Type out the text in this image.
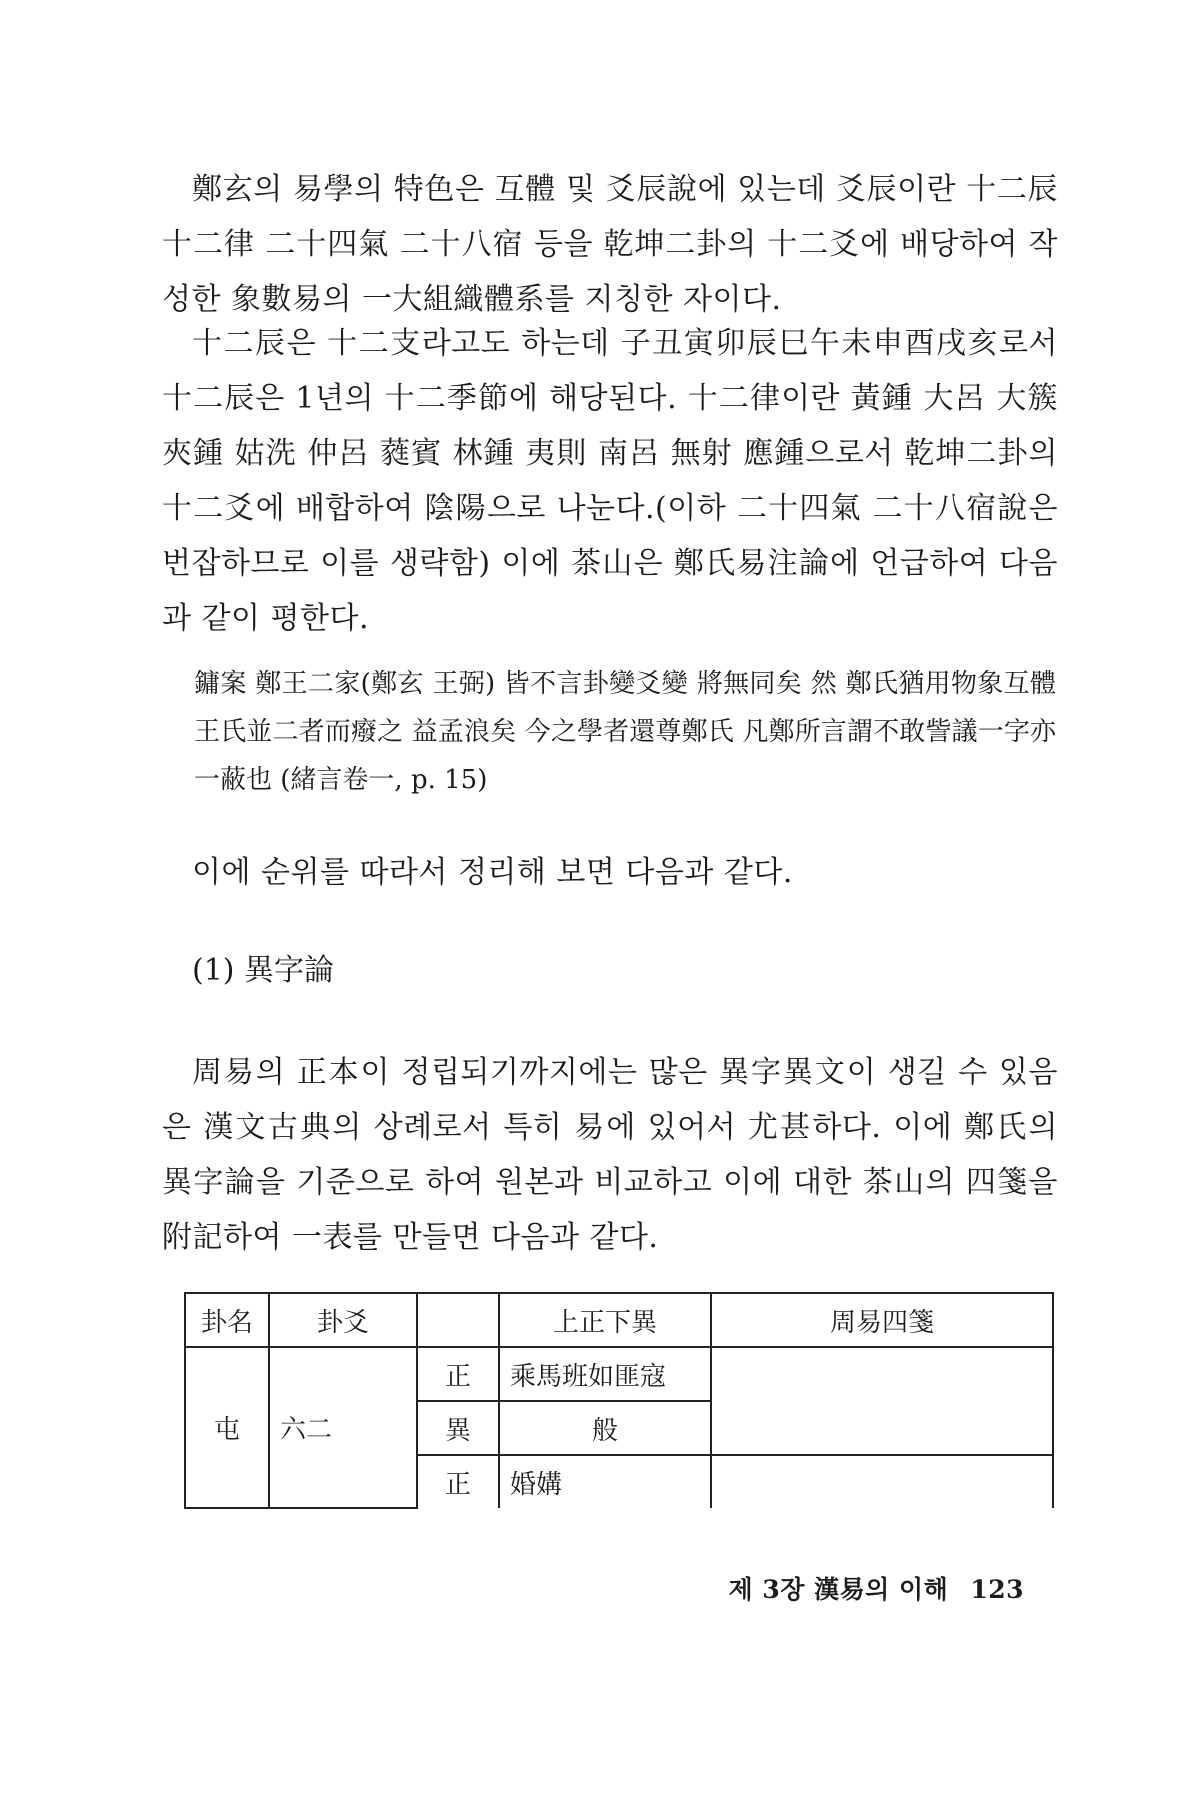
鄭玄의 易學의 特色은 互體 및 爻辰說에 있는데 爻辰이란 十二辰 十二律 二十四氣 二十八宿 등을 乾坤二卦의 十二爻에 배당하여 작성한 象數易의 一大組織體系를 지칭한 자이다.
十二辰은 十二支라고도 하는데 子丑寅卯辰巳午未申酉戌亥로서 十二辰은 1년의 十二季節에 해당된다. 十二律이란 黃鍾 大呂 大簇 夾鍾 姑洗 仲呂 蕤賓 林鍾 夷則 南呂 無射 應鍾으로서 乾坤二卦의 十二爻에 배합하여 陰陽으로 나눈다.(이하 二十四氣 二十八宿說은 번잡하므로 이를 생략함) 이에 茶山은 鄭氏易注論에 언급하여 다음과 같이 평한다.
鏞案 鄭王二家(鄭玄 王弼) 皆不言卦變爻變 將無同矣 然 鄭氏猶用物象互體 王氏並二者而癈之 益孟浪矣 今之學者還尊鄭氏 凡鄭所言謂不敢訾議一字亦一蔽也 (緒言卷一, p. 15)
이에 순위를 따라서 정리해 보면 다음과 같다.
(1) 異字論
周易의 正本이 정립되기까지에는 많은 異字異文이 생길 수 있음은 漢文古典의 상례로서 특히 易에 있어서 尤甚하다. 이에 鄭氏의 異字論을 기준으로 하여 원본과 비교하고 이에 대한 茶山의 四箋을 附記하여 一表를 만들면 다음과 같다.
卦名	卦爻		上正下異	周易四箋
屯	六二	正	乘馬班如匪寇	
		異	般	
		正	婚媾	
제 3장 漢易의 이해 123
